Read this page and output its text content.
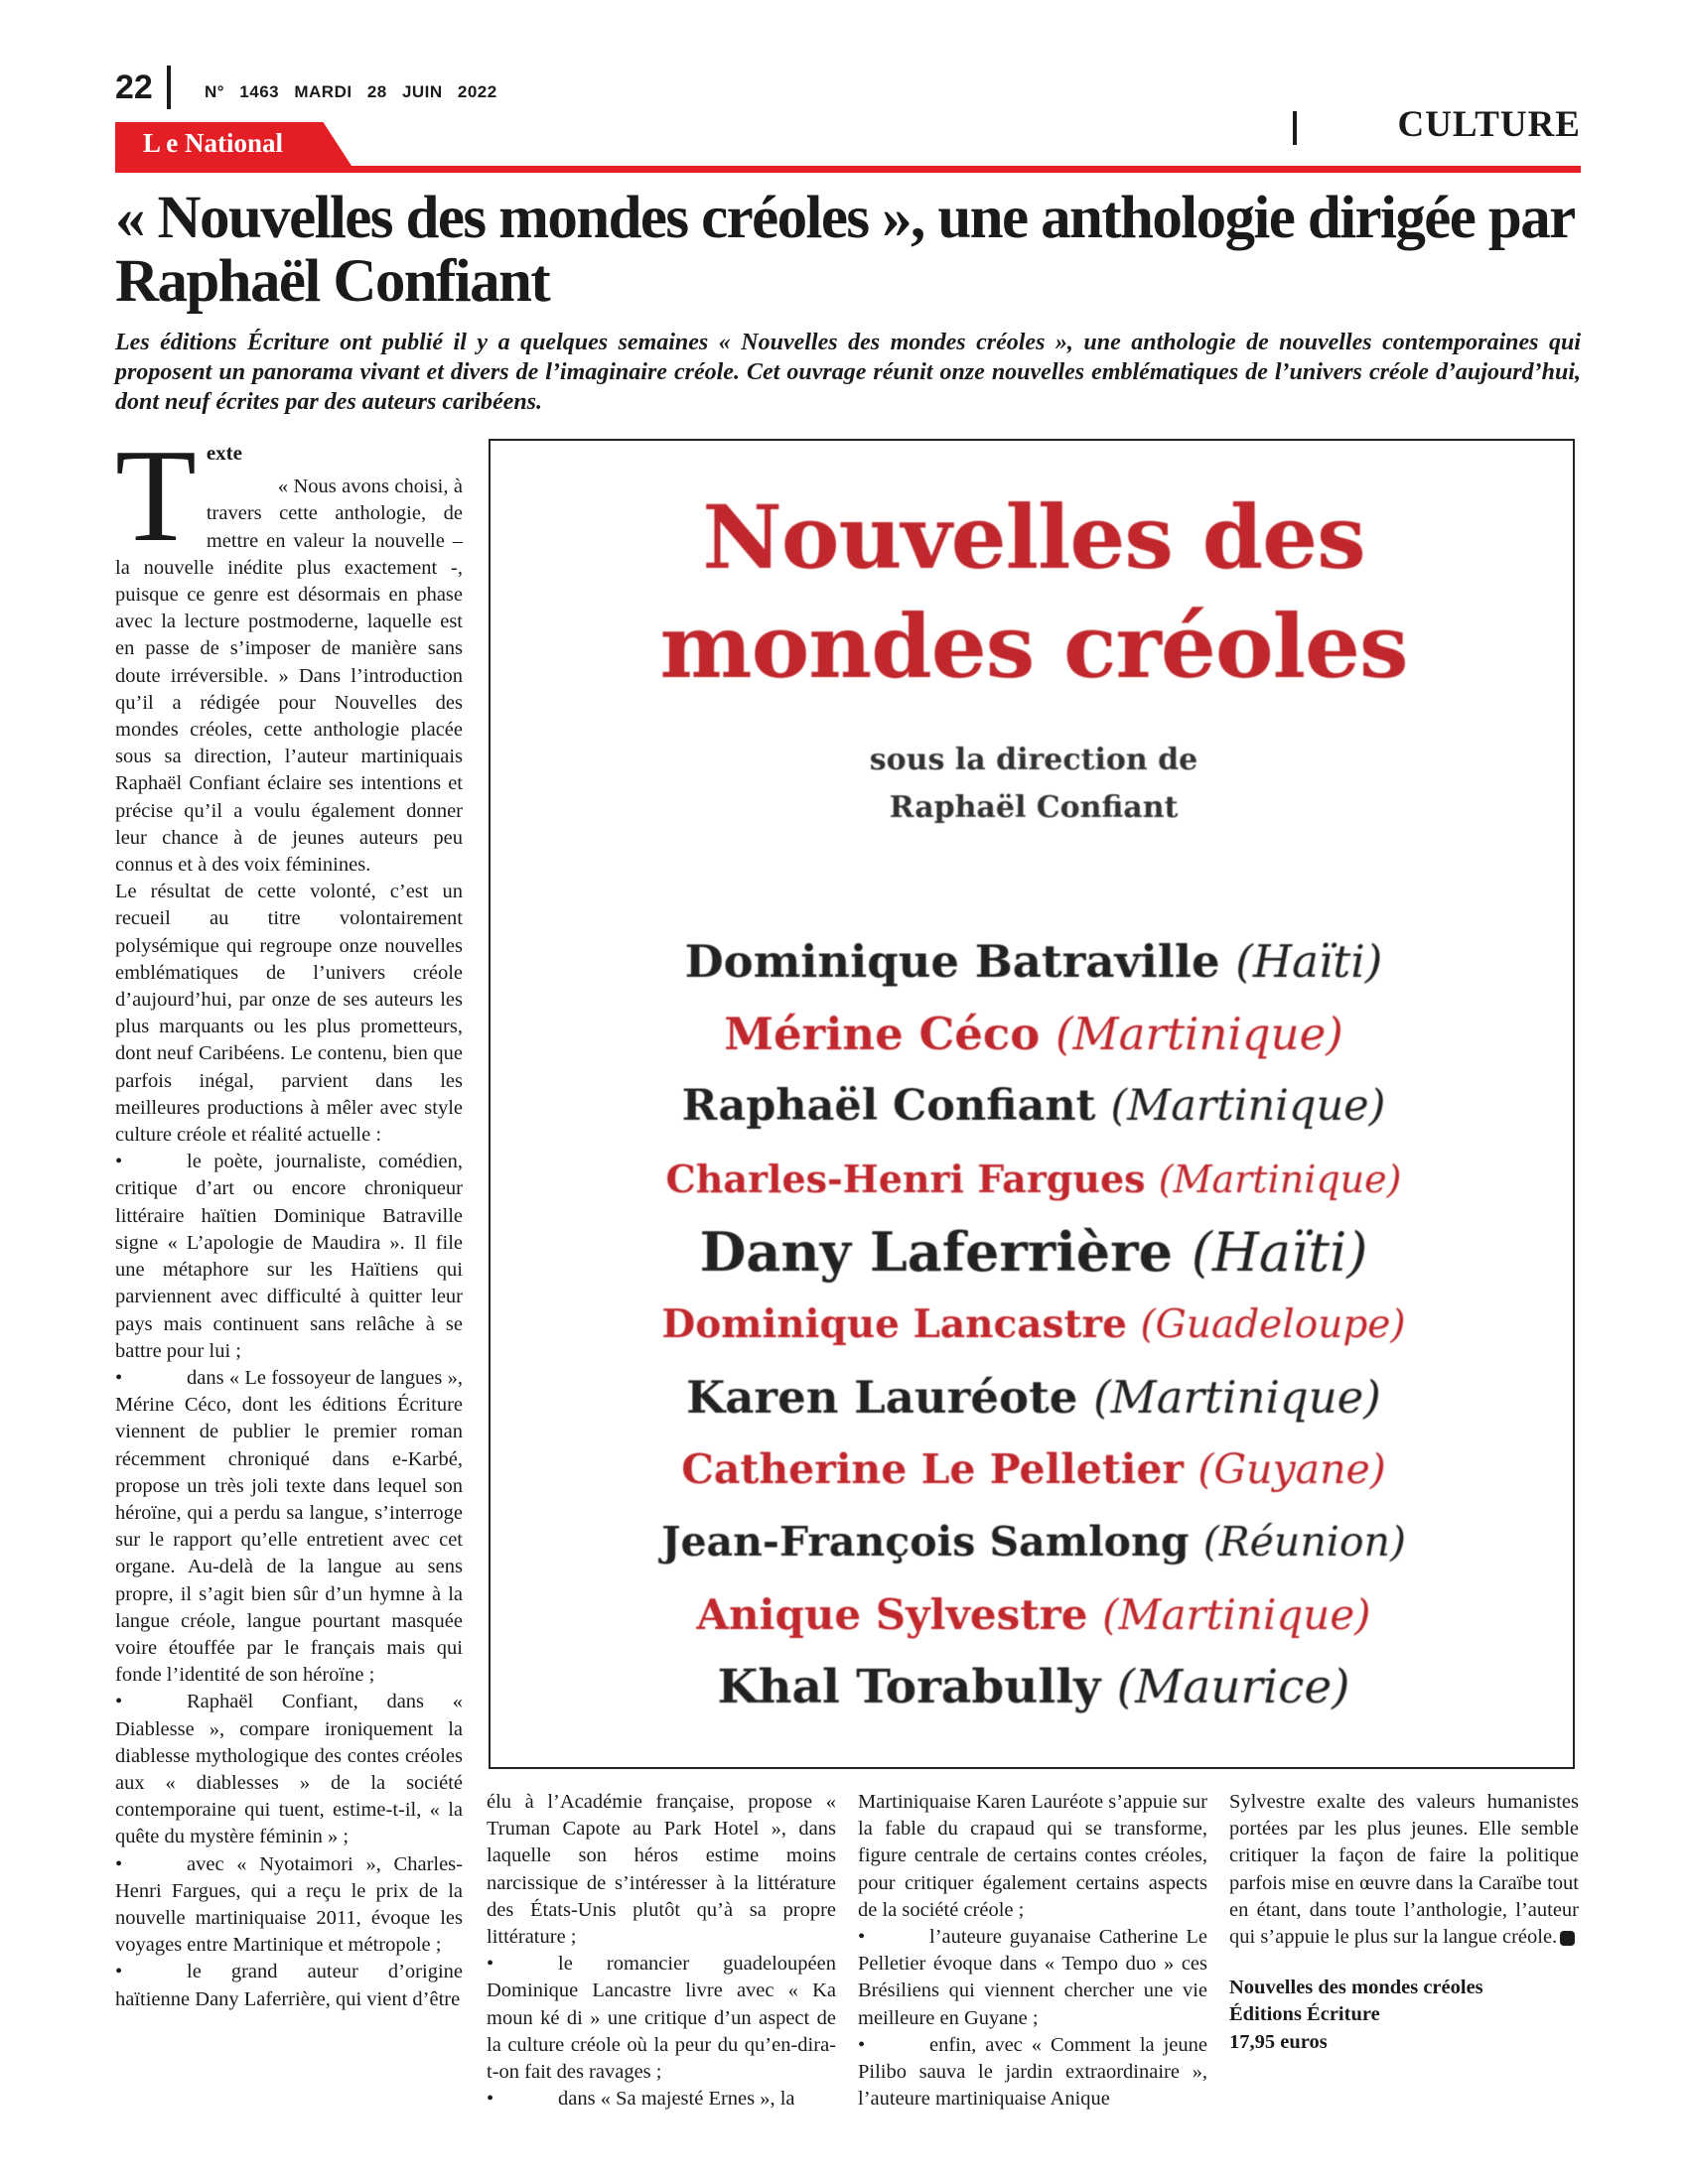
22	N° 1463 MARDI 28 JUIN 2022
CULTURE
L e National
« Nouvelles des mondes créoles », une anthologie dirigée par Raphaël Confiant

Les éditions Écriture ont publié il y a quelques semaines « Nouvelles des mondes créoles », une anthologie de nouvelles contemporaines qui proposent un panorama vivant et divers de l’imaginaire créole. Cet ouvrage réunit onze nouvelles emblématiques de l’univers créole d’aujourd’hui, dont neuf écrites par des auteurs caribéens.

T exte

« Nous avons choisi, à travers cette anthologie, de mettre en valeur la nouvelle – la nouvelle inédite plus exactement -, puisque ce genre est désormais en phase avec la lecture postmoderne, laquelle est en passe de s’imposer de manière sans doute irréversible. » Dans l’introduction qu’il a rédigée pour Nouvelles des mondes créoles, cette anthologie placée sous sa direction, l’auteur martiniquais Raphaël Confiant éclaire ses intentions et précise qu’il a voulu également donner leur chance à de jeunes auteurs peu connus et à des voix féminines.

Le résultat de cette volonté, c’est un recueil au titre volontairement polysémique qui regroupe onze nouvelles emblématiques de l’univers créole d’aujourd’hui, par onze de ses auteurs les plus marquants ou les plus prometteurs, dont neuf Caribéens. Le contenu, bien que parfois inégal, parvient dans les meilleures productions à mêler avec style culture créole et réalité actuelle :

•	le poète, journaliste, comédien, critique d’art ou encore chroniqueur littéraire haïtien Dominique Batraville signe « L’apologie de Maudira ». Il file une métaphore sur les Haïtiens qui parviennent avec difficulté à quitter leur pays mais continuent sans relâche à se battre pour lui ;

•	dans « Le fossoyeur de langues », Mérine Céco, dont les éditions Écriture viennent de publier le premier roman récemment chroniqué dans e-Karbé, propose un très joli texte dans lequel son héroïne, qui a perdu sa langue, s’interroge sur le rapport qu’elle entretient avec cet organe. Au-delà de la langue au sens propre, il s’agit bien sûr d’un hymne à la langue créole, langue pourtant masquée voire étouffée par le français mais qui fonde l’identité de son héroïne ;

•	Raphaël Confiant, dans « Diablesse », compare ironiquement la diablesse mythologique des contes créoles aux « diablesses » de la société contemporaine qui tuent, estime-t-il, « la quête du mystère féminin » ;

•	avec « Nyotaimori », Charles-Henri Fargues, qui a reçu le prix de la nouvelle martiniquaise 2011, évoque les voyages entre Martinique et métropole ;

•	le grand auteur d’origine haïtienne Dany Laferrière, qui vient d’être

Nouvelles des
mondes créoles
sous la direction de
Raphaël Confiant
Dominique Batraville (Haïti)
Mérine Céco (Martinique)
Raphaël Confiant (Martinique)
Charles-Henri Fargues (Martinique)
Dany Laferrière (Haïti)
Dominique Lancastre (Guadeloupe)
Karen Lauréote (Martinique)
Catherine Le Pelletier (Guyane)
Jean-François Samlong (Réunion)
Anique Sylvestre (Martinique)
Khal Torabully (Maurice)

élu à l’Académie française, propose « Truman Capote au Park Hotel », dans laquelle son héros estime moins narcissique de s’intéresser à la littérature des États-Unis plutôt qu’à sa propre littérature ;

•	le romancier guadeloupéen Dominique Lancastre livre avec « Ka moun ké di » une critique d’un aspect de la culture créole où la peur du qu’en-dira-t-on fait des ravages ;

•	dans « Sa majesté Ernes », la

Martiniquaise Karen Lauréote s’appuie sur la fable du crapaud qui se transforme, figure centrale de certains contes créoles, pour critiquer également certains aspects de la société créole ;

•	l’auteure guyanaise Catherine Le Pelletier évoque dans « Tempo duo » ces Brésiliens qui viennent chercher une vie meilleure en Guyane ;

•	enfin, avec « Comment la jeune Pilibo sauva le jardin extraordinaire », l’auteure martiniquaise Anique

Sylvestre exalte des valeurs humanistes portées par les plus jeunes. Elle semble critiquer la façon de faire la politique parfois mise en œuvre dans la Caraïbe tout en étant, dans toute l’anthologie, l’auteur qui s’appuie le plus sur la langue créole.

Nouvelles des mondes créoles
Éditions Écriture
17,95 euros
